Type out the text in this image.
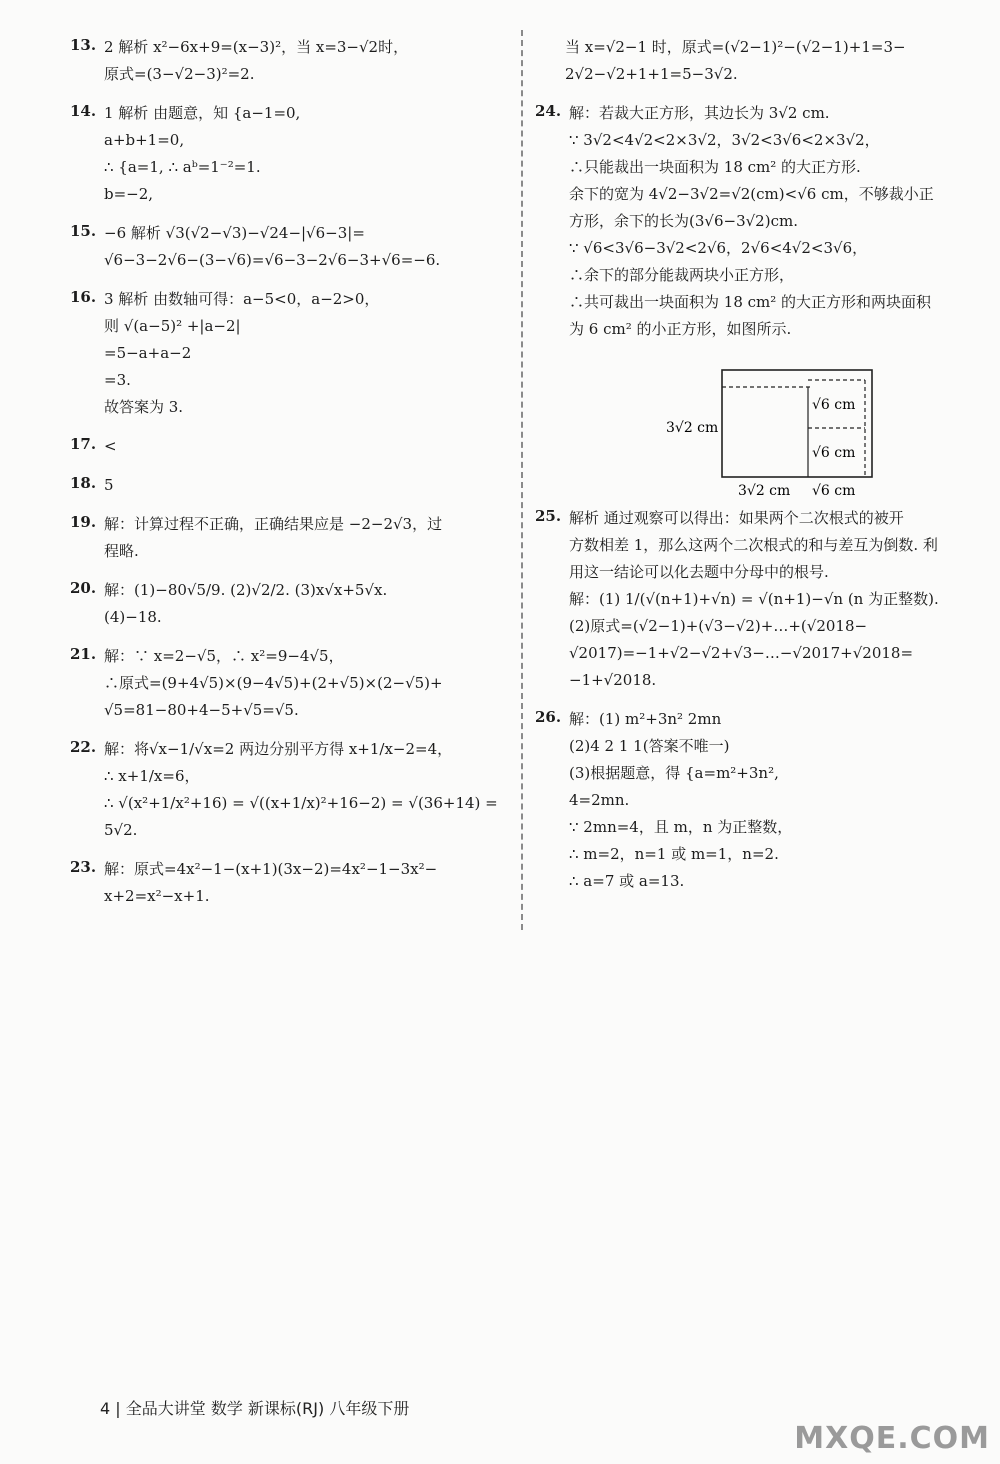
13. 2 解析 x²−6x+9=(x−3)²，当 x=3−√2时，
原式=(3−√2−3)²=2.
14. 1 解析 由题意，知 {a−1=0,
a+b+1=0,
∴ {a=1, ∴ aᵇ=1⁻²=1.
b=−2,
15. −6 解析 √3(√2−√3)−√24−|√6−3|=
√6−3−2√6−(3−√6)=√6−3−2√6−3+√6=−6.
16. 3 解析 由数轴可得：a−5<0，a−2>0，
则 √(a−5)² +|a−2|
=5−a+a−2
=3.
故答案为 3.
17. <
18. 5
19. 解：计算过程不正确，正确结果应是 −2−2√3，过
程略.
20. 解：(1)−80√5/9. (2)√2/2. (3)x√x+5√x.
(4)−18.
21. 解：∵ x=2−√5，∴ x²=9−4√5，
∴原式=(9+4√5)×(9−4√5)+(2+√5)×(2−√5)+
√5=81−80+4−5+√5=√5.
22. 解：将√x−1/√x=2 两边分别平方得 x+1/x−2=4，
∴ x+1/x=6，
∴ √(x²+1/x²+16) = √((x+1/x)²+16−2) = √(36+14) =
5√2.
23. 解：原式=4x²−1−(x+1)(3x−2)=4x²−1−3x²−
x+2=x²−x+1.
当 x=√2−1 时，原式=(√2−1)²−(√2−1)+1=3−
2√2−√2+1+1=5−3√2.
24. 解：若裁大正方形，其边长为 3√2 cm.
∵ 3√2<4√2<2×3√2，3√2<3√6<2×3√2，
∴只能裁出一块面积为 18 cm² 的大正方形.
余下的宽为 4√2−3√2=√2(cm)<√6 cm，不够裁小正
方形，余下的长为(3√6−3√2)cm.
∵ √6<3√6−3√2<2√6，2√6<4√2<3√6，
∴余下的部分能裁两块小正方形，
∴共可裁出一块面积为 18 cm² 的大正方形和两块面积
为 6 cm² 的小正方形，如图所示.
25. 解析 通过观察可以得出：如果两个二次根式的被开
方数相差 1，那么这两个二次根式的和与差互为倒数. 利
用这一结论可以化去题中分母中的根号.
解：(1) 1/(√(n+1)+√n) = √(n+1)−√n (n 为正整数).
(2)原式=(√2−1)+(√3−√2)+…+(√2018−
√2017)=−1+√2−√2+√3−…−√2017+√2018=
−1+√2018.
26. 解：(1) m²+3n² 2mn
(2)4 2 1 1(答案不唯一)
(3)根据题意，得 {a=m²+3n²,
4=2mn.
∵ 2mn=4，且 m，n 为正整数，
∴ m=2，n=1 或 m=1，n=2.
∴ a=7 或 a=13.
3√2 cm
√6 cm
√6 cm
3√2 cm √6 cm
4 | 全品大讲堂 数学 新课标(RJ) 八年级下册
MXQE.COM
